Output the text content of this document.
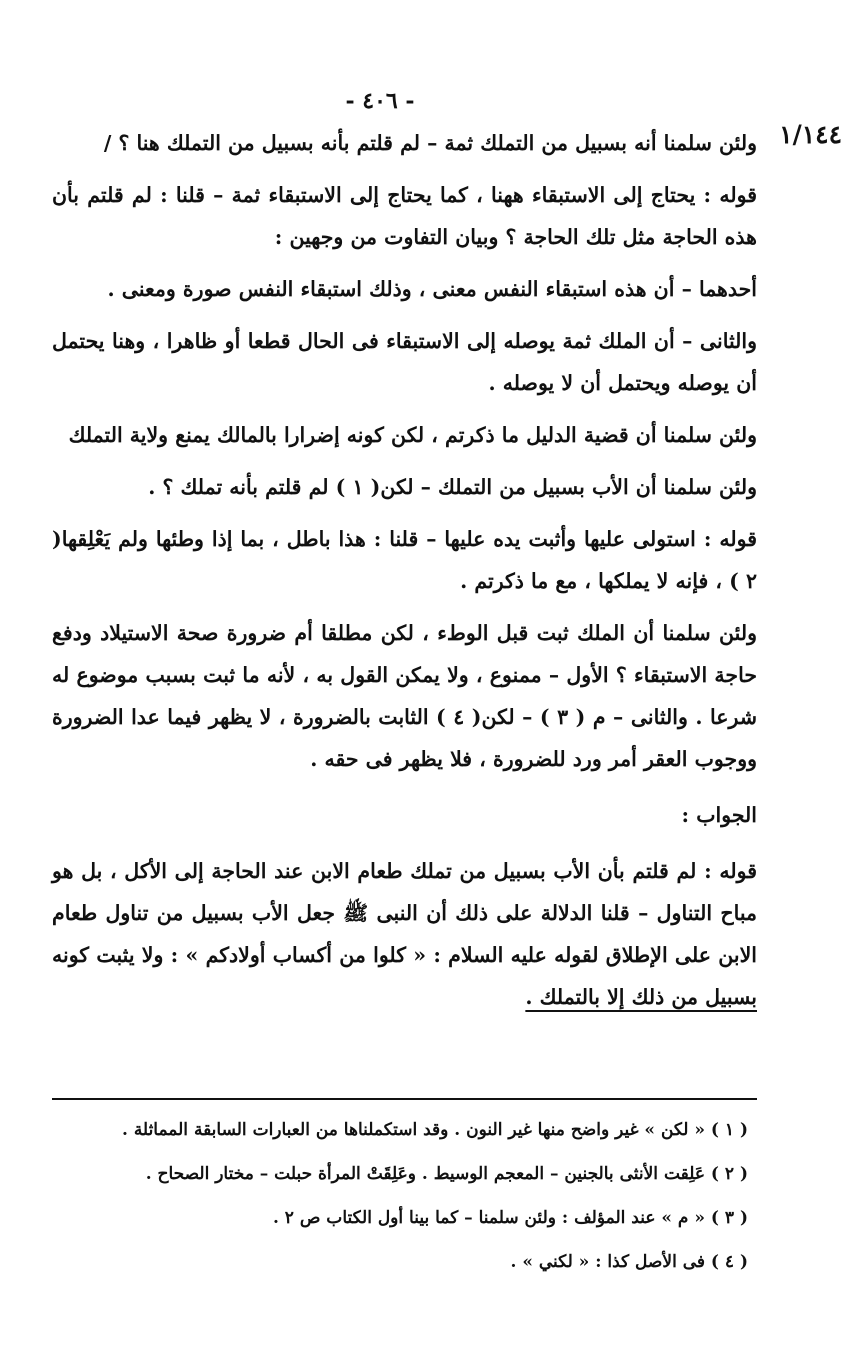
- ٤٠٦ -
١/١٤٤

ولئن سلمنا أنه بسبيل من التملك ثمة – لم قلتم بأنه بسبيل من التملك هنا ؟ /

قوله : يحتاج إلى الاستبقاء ههنا ، كما يحتاج إلى الاستبقاء ثمة – قلنا : لم قلتم بأن هذه الحاجة مثل تلك الحاجة ؟ وبيان التفاوت من وجهين :

أحدهما – أن هذه استبقاء النفس معنى ، وذلك استبقاء النفس صورة ومعنى .

والثانى – أن الملك ثمة يوصله إلى الاستبقاء فى الحال قطعا أو ظاهرا ، وهنا يحتمل أن يوصله ويحتمل أن لا يوصله .

ولئن سلمنا أن قضية الدليل ما ذكرتم ، لكن كونه إضرارا بالمالك يمنع ولاية التملك

ولئن سلمنا أن الأب بسبيل من التملك – لكن( ١ ) لم قلتم بأنه تملك ؟ .

قوله : استولى عليها وأثبت يده عليها – قلنا : هذا باطل ، بما إذا وطئها ولم يَعْلِقها( ٢ ) ، فإنه لا يملكها ، مع ما ذكرتم .

ولئن سلمنا أن الملك ثبت قبل الوطء ، لكن مطلقا أم ضرورة صحة الاستيلاد ودفع حاجة الاستبقاء ؟ الأول – ممنوع ، ولا يمكن القول به ، لأنه ما ثبت بسبب موضوع له شرعا . والثانى – م ( ٣ ) – لكن( ٤ ) الثابت بالضرورة ، لا يظهر فيما عدا الضرورة ووجوب العقر أمر ورد للضرورة ، فلا يظهر فى حقه .

الجواب :

قوله : لم قلتم بأن الأب بسبيل من تملك طعام الابن عند الحاجة إلى الأكل ، بل هو مباح التناول – قلنا الدلالة على ذلك أن النبى ﷺ جعل الأب بسبيل من تناول طعام الابن على الإطلاق لقوله عليه السلام : « كلوا من أكساب أولادكم » : ولا يثبت كونه بسبيل من ذلك إلا بالتملك .

( ١ ) « لكن » غير واضح منها غير النون . وقد استكملناها من العبارات السابقة المماثلة .

( ٢ ) عَلِقت الأنثى بالجنين – المعجم الوسيط . وعَلِقَتْ المرأة حبلت – مختار الصحاح .

( ٣ ) « م » عند المؤلف : ولئن سلمنا – كما بينا أول الكتاب ص ٢ .

( ٤ ) فى الأصل كذا : « لكني » .
